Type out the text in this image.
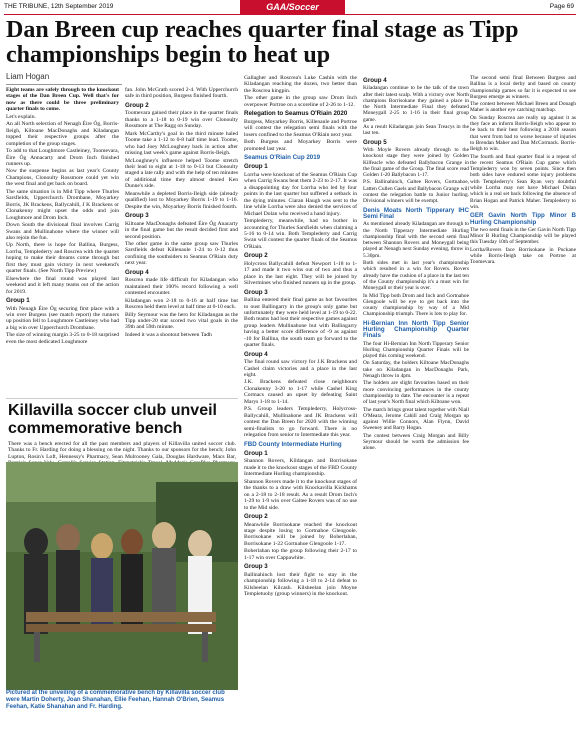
THE TRIBUNE, 12th September 2019	GAA/Soccer	Page 69
Dan Breen cup reaches quarter final stage as Tipp championships begin to heat up
Liam Hogan

Eight teams are safely through to the knockout stages of the Dan Breen Cup. Well that's for now as there could be three preliminary quarter finals to come.

Let's explain.

An all North selection of Nenagh Éire Óg, Borris-Ileigh, Kiltoane MacDonaghs and Kiladangan topped their respective groups after the completion of the group stages.

To add to that Loughmore Castleiney, Toomevara, Éire Óg Annacarty and Drom Inch finished runners up.

Now the suspense begins as last year's County Champions, Clonoulty Rossmore could yet win the west final and get back on board.

The same situation is in Mid Tipp where Thurles Sarsfields, Upperchurch Drombane, Moyarkey Borris, JK Brackens, Ballycahill, J K Brackens or Clonakenny might upset the odds and join Loughmore and Drom Inch.

Down South the divisional final involves Carrig Swans and Mullinahone where the winner will also rejoin the fun.

Up North, there is hope for Ballina, Burgess, Lorrha, Templederry and Roscrea with the quartet hoping to make their dreams come through but first they must gain victory in next weekend's quarter finals. (See North Tipp Preview)

Elsewhere the final round was played last weekend and it left many teams out of the action for 2019.

Group 1

With Nenagh Éire Óg securing first place with a win over Burgess (see match report) the runners up position fell to Loughmore Castleiney who had a big win over Upperchurch Drombane.

The size of winning margin 3-25 to 0-18 surprised even the most dedicated Loughmore

fan. John McGrath scored 2-4. With Upperchurch safe in third position, Burgess finished fourth.

Group 2

Toomevara gained their place in the quarter finals thanks to a 1-18 to 0-19 win over Clonoulty Rossmore at The Ragg on Sunday.

Mark McCarthy's goal in the third minute haled Toome take a 1-12 to 0-8 half time lead. Toome, who had Joey McLoughney back in action after missing last week's game against Borris-Ileigh.

McLoughney's influence helped Toome stretch their lead to eight at 1-18 to 0-13 but Clonoulty staged a late rally and with the help of ten minutes of additional time they almost denied Ken Dunne's side.

Meanwhile a depleted Borris-Ileigh side (already qualified) lost to Moyarkey Borris 1-19 to 1-16. Despite the win, Moyarkey Borris finished fourth.

Group 3

Kiltoane MacDonaghs defeated Éire Óg Anacarty in the final game but the result decided first and second position.

The other game in the same group saw Thurles Sarsfields defeat Killenaule 1-24 to 0-12 thus confining the southsiders to Seamus O'Riain duty next year.

Group 4

Roscrea made life difficult for Kiladangan who maintained their 100% record following a well contested encounter.

Kiladangan won 2-18 to 0-16 at half time but Roscrea held them level at half time at 0-10 each.

Billy Seymour was the hero for Kiladangan as the Tipp under-20 star scored two vital goals in the 39th and 59th minute.

Indeed it was a shootout between Tadh

Gallagher and Roscrea's Luke Cashin with the Kiladangan reaching the dozen, two better than the Roscrea kingpin.

The other game in the group saw Drom Inch overpower Portroe on a scoreline of 2-26 to 1-12.

Relegation to Seamus O'Riain 2020

Burgess, Moyarkey Borris, Killenaule and Portroe will contest the relegation semi finals with the losers confined to the Seamus O'Riain next year.

Both Burgess and Moyarkey Borris were promoted last year.

Seamus O'Riain Cup 2019
Group 1

Lorrha were knockout of the Seamus O'Riain Cup when Carrig Swans beat them 2-23 to 2-17. It was a disappointing day for Lorrha who led by four points in the last quarter but suffered a setback in the dying minutes. Ciaran Haugh was sent to the line while Lorrha were also denied the services of Michael Dolan who received a hand injury.

Templederry, meanwhile, had no bother in accounting for Thurles Sarsfields when claiming a 5-16 to 0-14 win. Both Templederry and Carrig Swan will contest the quarter finals of the Seamus O'Riain.

Group 2

Holycross Ballycahill defeat Newport 1-18 to 1-17 and made it two wins out of two and thus a place in the last eight. They will be joined by Silvermines who finished runners up in the group.

Group 3

Ballina entered their final game as hot favourites to oust Ballingarry in the group's only game but unfortunately they were held level at 1-19 to 0-22. Both teams had lost their respective games against group leaders Mullinahone but with Ballingarry having a better score difference of -9 as against -10 for Ballina, the south team go forward to the quarter finals.

Group 4

The final round saw victory for J.K Brackens and Cashel claim victories and a place in the last eight.

J.K. Brackens defeated close neighbours Clonakenny 3-20 to 1-17 while Cashel King Cormacs caused an upset by defeating Saint Marys 1-18 to 1-14.

P.S. Group leaders Templederry, Holycross-Ballycahill, Mullinahone and JK Brackens will contest the Dan Breen for 2020 with the winning semi-finalists to go forward. There is no relegation from senior to Intermediate this year.

FBD County Intermediate Hurling
Group 1

Shannon Rovers, Kildangan and Borrisokane made it to the knockout stages of the FBD County Intermediate Hurling championship.

Shannon Rovers made it to the knockout stages of the thanks to a draw with Knockavilla Kickhams on a 2-18 to 2-18 result. As a result Drom Inch's 1-29 to 1-9 win over Galtee Rovers was of no use to the Mid side.

Group 2

Meanwhile Borrisokane reached the knockout stage despite losing to Gortnahoe Glengoole. Borrisokane will be joined by Boherlahan, Borrisokane 1-22 Gortnahoe Glengoole 1-17.

Boherlahan top the group following their 2-17 to 1-17 win over Cappawhite.

Group 3

Ballinahinch lost their fight to stay in the championship following a 1-18 to 2-14 defeat to Kilsheelan Kilcash. Kilsheelan join Moyne Templetuohy (group winners) in the knockout.

Group 4

Kiladangan continue to be the talk of the town after their latest scalp. With a victory over North champions Borrisokane they gained a place in the North Intermediate Final they defeated Moneygall 2-25 to 1-16 in their final group game.

As a result Kiladangan join Sean Treacys in the last ten.

Group 5

With Moyle Rovers already through to the knockout stage they were joined by Golden Kilfeacle who defeated Ballybacon Grange in the final game of the Group. The final score read Golden 1-20 Ballybacon 1-17.

P.S. Ballinahinch, Galtee Rovers, Gortnahoe, Latten Cullen Gaels and Ballybacon Grange will contest the relegation battle to Junior hurling. Divisional winners will be exempt.

Denis Moats North Tipperary IHC Semi Final

As mentioned already Kiladangan are through to the North Tipperary Intermediate Hurling championship final with the second semi final between Shannon Rovers and Moneygall being played at Nenagh next Sunday evening, throw in 5.30pm.

Both sides met in last year's championship which resulted in a win for Rovers. Rovers already have the cushion of a place in the last ten of the County championship it's a must win for Moneygall or their year is over.

In Mid Tipp both Drom and Inch and Gortnahoe Glengoole will be eye to get back into the county championship by way of a Mid Championship triumph. There is lots to play for.

Hi-Bernian Inn North Tipp Senior Hurling Championship Quarter Finals

The four Hi-Bernian Inn North Tipperary Senior Hurling Championship Quarter Finals will be played this coming weekend.

On Saturday, the holders Kiltoane MacDonaghs take on Kiladangan in MacDonaghs Park, Nenagh throw in 4pm.

The holders are slight favourites based on their more convincing performances in the county championship to date. The encounter is a repeat of last year's North final which Kiltoane won.

The match brings great talent together with Niall O'Meara, Jerome Cahill and Craig Morgan up against Willie Connors, Alan Flynn, David Sweeney and Barry Hogan.

The contest between Craig Morgan and Billy Seymour should be worth the admission fee alone.

The second semi final Between Burgess and Ballina is a local derby and based on county championship games so far it is expected to see Burgess emerge as winners.

The contest between Michael Breen and Donagh Maher is another eye catching matchup.

On Sunday Roscrea are really up against it as they face an inform Borris-Ileigh who appear to be back to their best following a 2018 season that went from bad to worse because of injuries to Brendan Maher and Dan McCormack. Borris-Ileigh to win.

The fourth and final quarter final is a repeat of the recent Seamus O'Riain Cup game which Templederry won by seven points. Since then both sides have endured some injury problems with Templederry's Sean Ryan very doubtful while Lorrha may not have Michael Dolan which is a real set back following the absence of Brian Hogan and Patrick Maher. Templederry to win.

GER Gavin North Tipp Minor B Hurling Championship

The two semi finals in the Ger Gavin North Tipp Minor B Hurling Championship will be played this Tuesday 10th of September.

Lorrha/Rovers face Borrisokane in Puckane while Borris-Ileigh take on Portroe at Toomevara.

Killavilla soccer club unveil commemorative bench

There was a bench erected for all the past members and players of Killavilla united soccer club. Thanks to Fr. Harding for doing a blessing on the night. Thanks to our sponsors for the bench; John Lupton, Rosin's Loft, Hennessy's Pharmacy, Sean Mulrooney Gala, Douglas Hardware, Macs Bar,

Pictured at the unveiling of a commemorative bench by Killavilla soccer club were Martin Doherty, Joan Shanahan, Ellie Feehan, Hannah O'Brien, Seamus Feehan, Katie Shanahan and Fr. Harding.
